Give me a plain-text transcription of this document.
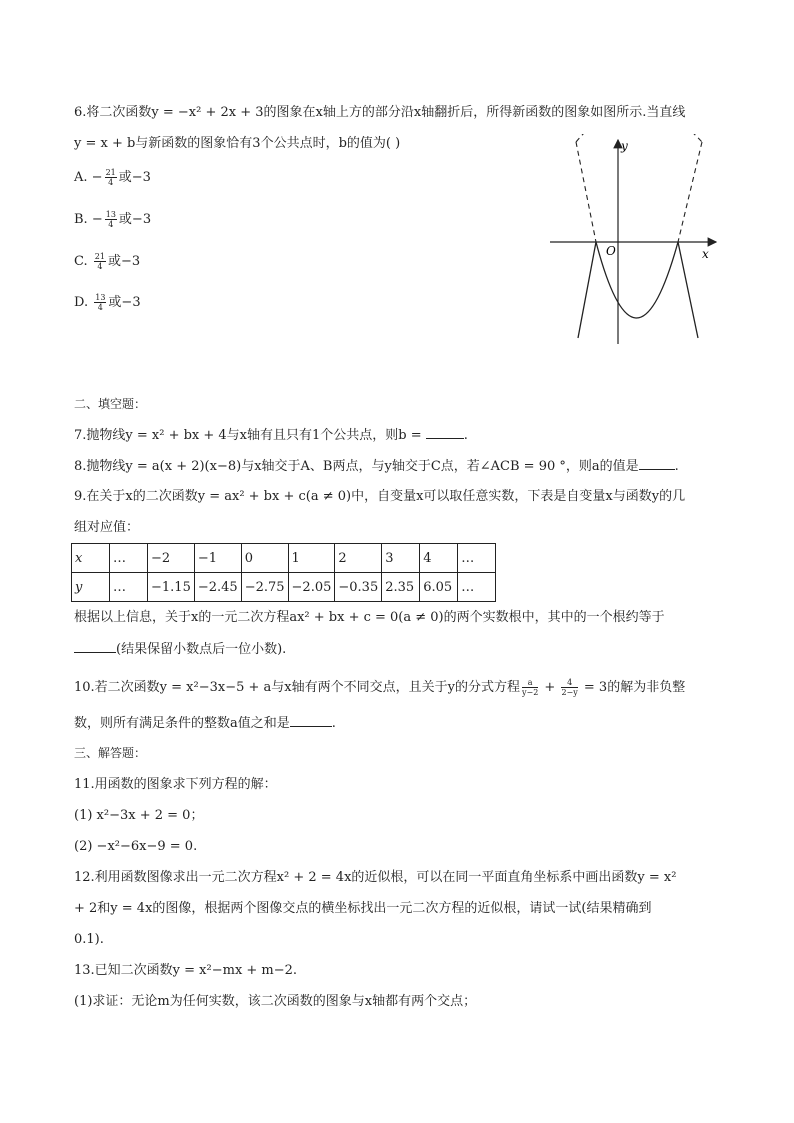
6.将二次函数y = −x² + 2x + 3的图象在x轴上方的部分沿x轴翻折后，所得新函数的图象如图所示.当直线
y = x + b与新函数的图象恰有3个公共点时，b的值为( )
A. − $\frac{21}{4}$ 或−3
B. − $\frac{13}{4}$ 或−3
C. $\frac{21}{4}$ 或−3
D. $\frac{13}{4}$ 或−3
y
x
O
二、填空题：
7.抛物线y = x² + bx + 4与x轴有且只有1个公共点，则b =	.
8.抛物线y = a(x + 2)(x−8)与x轴交于A、B两点，与y轴交于C点，若∠ACB = 90 °，则a的值是	.
9.在关于x的二次函数y = ax² + bx + c(a ≠ 0)中，自变量x可以取任意实数，下表是自变量x与函数y的几
组对应值：
x	…	−2	−1	0	1	2	3	4	…
y	…	−1.15	−2.45	−2.75	−2.05	−0.35	2.35	6.05	…
根据以上信息，关于x的一元二次方程ax² + bx + c = 0(a ≠ 0)的两个实数根中，其中的一个根约等于
(结果保留小数点后一位小数).
10.若二次函数y = x²−3x−5 + a与x轴有两个不同交点，且关于y的分式方程 $\frac{a}{y-2} + \frac{4}{2-y} = 3$的解为非负整
数，则所有满足条件的整数a值之和是	.
三、解答题：
11.用函数的图象求下列方程的解：
(1) x²−3x + 2 = 0；
(2) −x²−6x−9 = 0.
12.利用函数图像求出一元二次方程x² + 2 = 4x的近似根，可以在同一平面直角坐标系中画出函数y = x²
+ 2和y = 4x的图像，根据两个图像交点的横坐标找出一元二次方程的近似根，请试一试(结果精确到
0.1).
13.已知二次函数y = x²−mx + m−2.
(1)求证：无论m为任何实数，该二次函数的图象与x轴都有两个交点；
